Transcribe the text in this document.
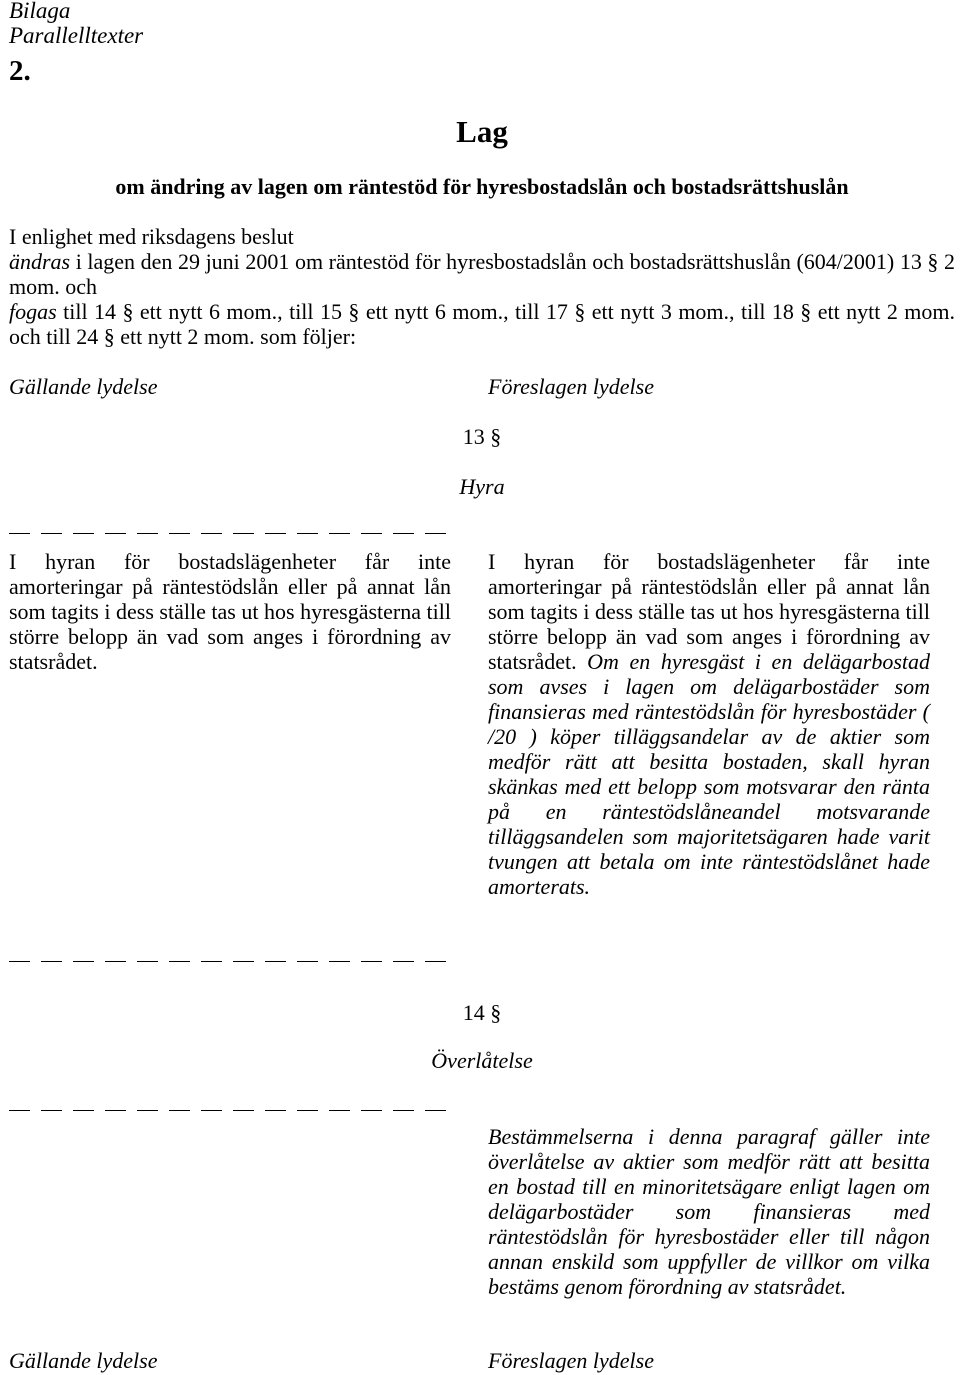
Bilaga
Parallelltexter
2.
Lag
om ändring av lagen om räntestöd för hyresbostadslån och bostadsrättshuslån
I enlighet med riksdagens beslut
ändras i lagen den 29 juni 2001 om räntestöd för hyresbostadslån och bostadsrättshuslån (604/2001) 13 § 2 mom. och
fogas till 14 § ett nytt 6 mom., till 15 § ett nytt 6 mom., till 17 § ett nytt 3 mom., till 18 § ett nytt 2 mom. och till 24 § ett nytt 2 mom. som följer:
Gällande lydelse	Föreslagen lydelse
13 §
Hyra
I hyran för bostadslägenheter får inte amorteringar på räntestödslån eller på annat lån som tagits i dess ställe tas ut hos hyresgästerna till större belopp än vad som anges i förordning av statsrådet.
I hyran för bostadslägenheter får inte amorteringar på räntestödslån eller på annat lån som tagits i dess ställe tas ut hos hyresgästerna till större belopp än vad som anges i förordning av statsrådet. Om en hyresgäst i en delägarbostad som avses i lagen om delägarbostäder som finansieras med räntestödslån för hyresbostäder ( /20 ) köper tilläggsandelar av de aktier som medför rätt att besitta bostaden, skall hyran skänkas med ett belopp som motsvarar den ränta på en räntestödslåneandel motsvarande tilläggsandelen som majoritetsägaren hade varit tvungen att betala om inte räntestödslånet hade amorterats.
14 §
Överlåtelse
Bestämmelserna i denna paragraf gäller inte överlåtelse av aktier som medför rätt att besitta en bostad till en minoritetsägare enligt lagen om delägarbostäder som finansieras med räntestödslån för hyresbostäder eller till någon annan enskild som uppfyller de villkor om vilka bestäms genom förordning av statsrådet.
Gällande lydelse	Föreslagen lydelse
